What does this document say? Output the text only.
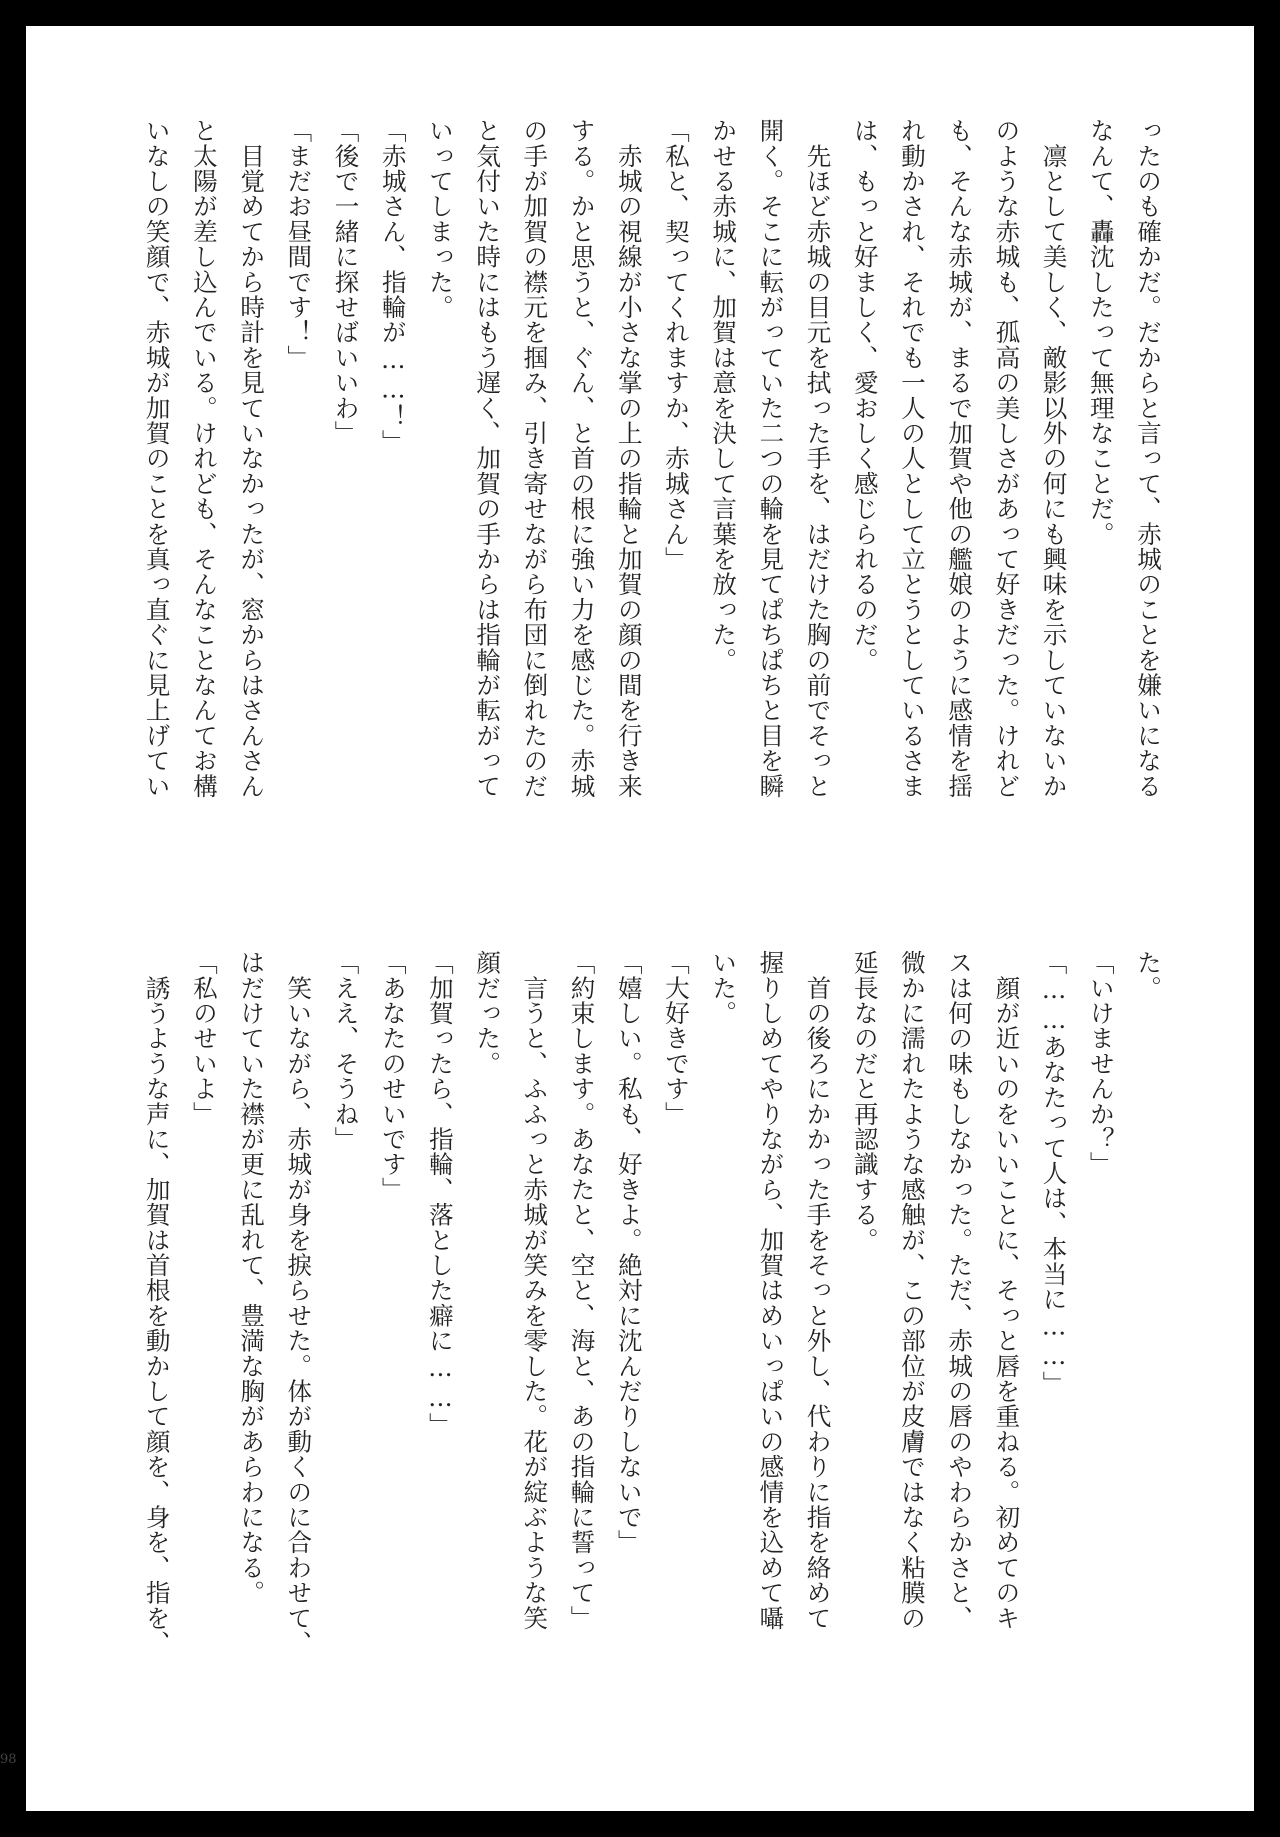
ったのも確かだ。だからと言って、赤城のことを嫌いになる

なんて、轟沈したって無理なことだ。

　凛として美しく、敵影以外の何にも興味を示していないか

のような赤城も、孤高の美しさがあって好きだった。けれど

も、そんな赤城が、まるで加賀や他の艦娘のように感情を揺

れ動かされ、それでも一人の人として立とうとしているさま

は、もっと好ましく、愛おしく感じられるのだ。

　先ほど赤城の目元を拭った手を、はだけた胸の前でそっと

開く。そこに転がっていた二つの輪を見てぱちぱちと目を瞬

かせる赤城に、加賀は意を決して言葉を放った。

「私と、契ってくれますか、赤城さん」

　赤城の視線が小さな掌の上の指輪と加賀の顔の間を行き来

する。かと思うと、ぐん、と首の根に強い力を感じた。赤城

の手が加賀の襟元を掴み、引き寄せながら布団に倒れたのだ

と気付いた時にはもう遅く、加賀の手からは指輪が転がって

いってしまった。

「赤城さん、指輪が……！」

「後で一緒に探せばいいわ」

「まだお昼間です！」

　目覚めてから時計を見ていなかったが、窓からはさんさん

と太陽が差し込んでいる。けれども、そんなことなんてお構

いなしの笑顔で、赤城が加賀のことを真っ直ぐに見上げてい

た。

「いけませんか？」

「……あなたって人は、本当に……」

　顔が近いのをいいことに、そっと唇を重ねる。初めてのキ

スは何の味もしなかった。ただ、赤城の唇のやわらかさと、

微かに濡れたような感触が、この部位が皮膚ではなく粘膜の

延長なのだと再認識する。

　首の後ろにかかった手をそっと外し、代わりに指を絡めて

握りしめてやりながら、加賀はめいっぱいの感情を込めて囁

いた。

「大好きです」

「嬉しい。私も、好きよ。絶対に沈んだりしないで」

「約束します。あなたと、空と、海と、あの指輪に誓って」

　言うと、ふふっと赤城が笑みを零した。花が綻ぶような笑

顔だった。

「加賀ったら、指輪、落とした癖に……」

「あなたのせいです」

「ええ、そうね」

　笑いながら、赤城が身を捩らせた。体が動くのに合わせて、

はだけていた襟が更に乱れて、豊満な胸があらわになる。

「私のせいよ」

　誘うような声に、加賀は首根を動かして顔を、身を、指を、

98
